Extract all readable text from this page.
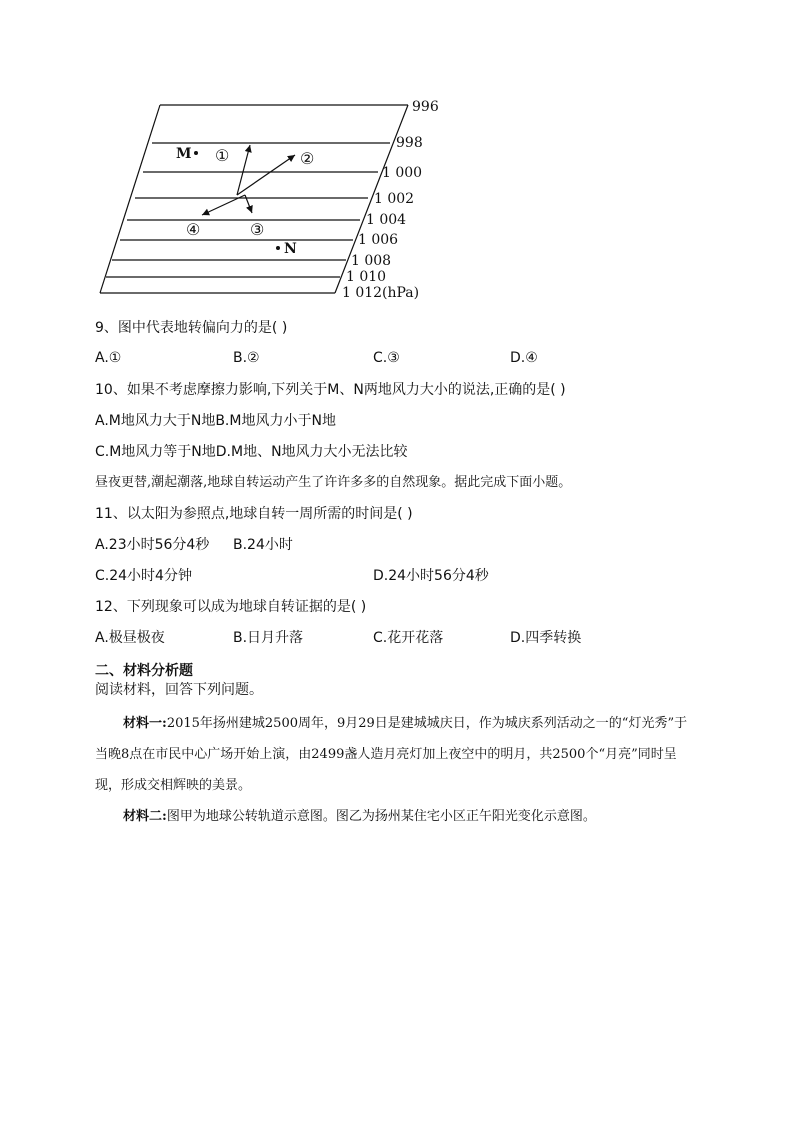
M
N
①	②
③
④
996
998
1 000
1 002
1 004
1 006
1 008
1 010
1 012 (hPa)
9、图中代表地转偏向力的是( )
A.①	B.②	C.③	D.④
10、如果不考虑摩擦力影响,下列关于M、N两地风力大小的说法,正确的是( )
A.M地风力大于N地B.M地风力小于N地
C.M地风力等于N地D.M地、N地风力大小无法比较
昼夜更替,潮起潮落,地球自转运动产生了许许多多的自然现象。据此完成下面小题。
11、以太阳为参照点,地球自转一周所需的时间是( )
A.23小时56分4秒 B.24小时
C.24小时4分钟	D.24小时56分4秒
12、下列现象可以成为地球自转证据的是( )
A.极昼极夜	B.日月升落	C.花开花落	D.四季转换
二、材料分析题
阅读材料，回答下列问题。
材料一:2015年扬州建城2500周年，9月29日是建城城庆日，作为城庆系列活动之一的“灯光秀”于当晚8点在市民中心广场开始上演，由2499盏人造月亮灯加上夜空中的明月，共2500个“月亮”同时呈现，形成交相辉映的美景。
材料二:图甲为地球公转轨道示意图。图乙为扬州某住宅小区正午阳光变化示意图。
